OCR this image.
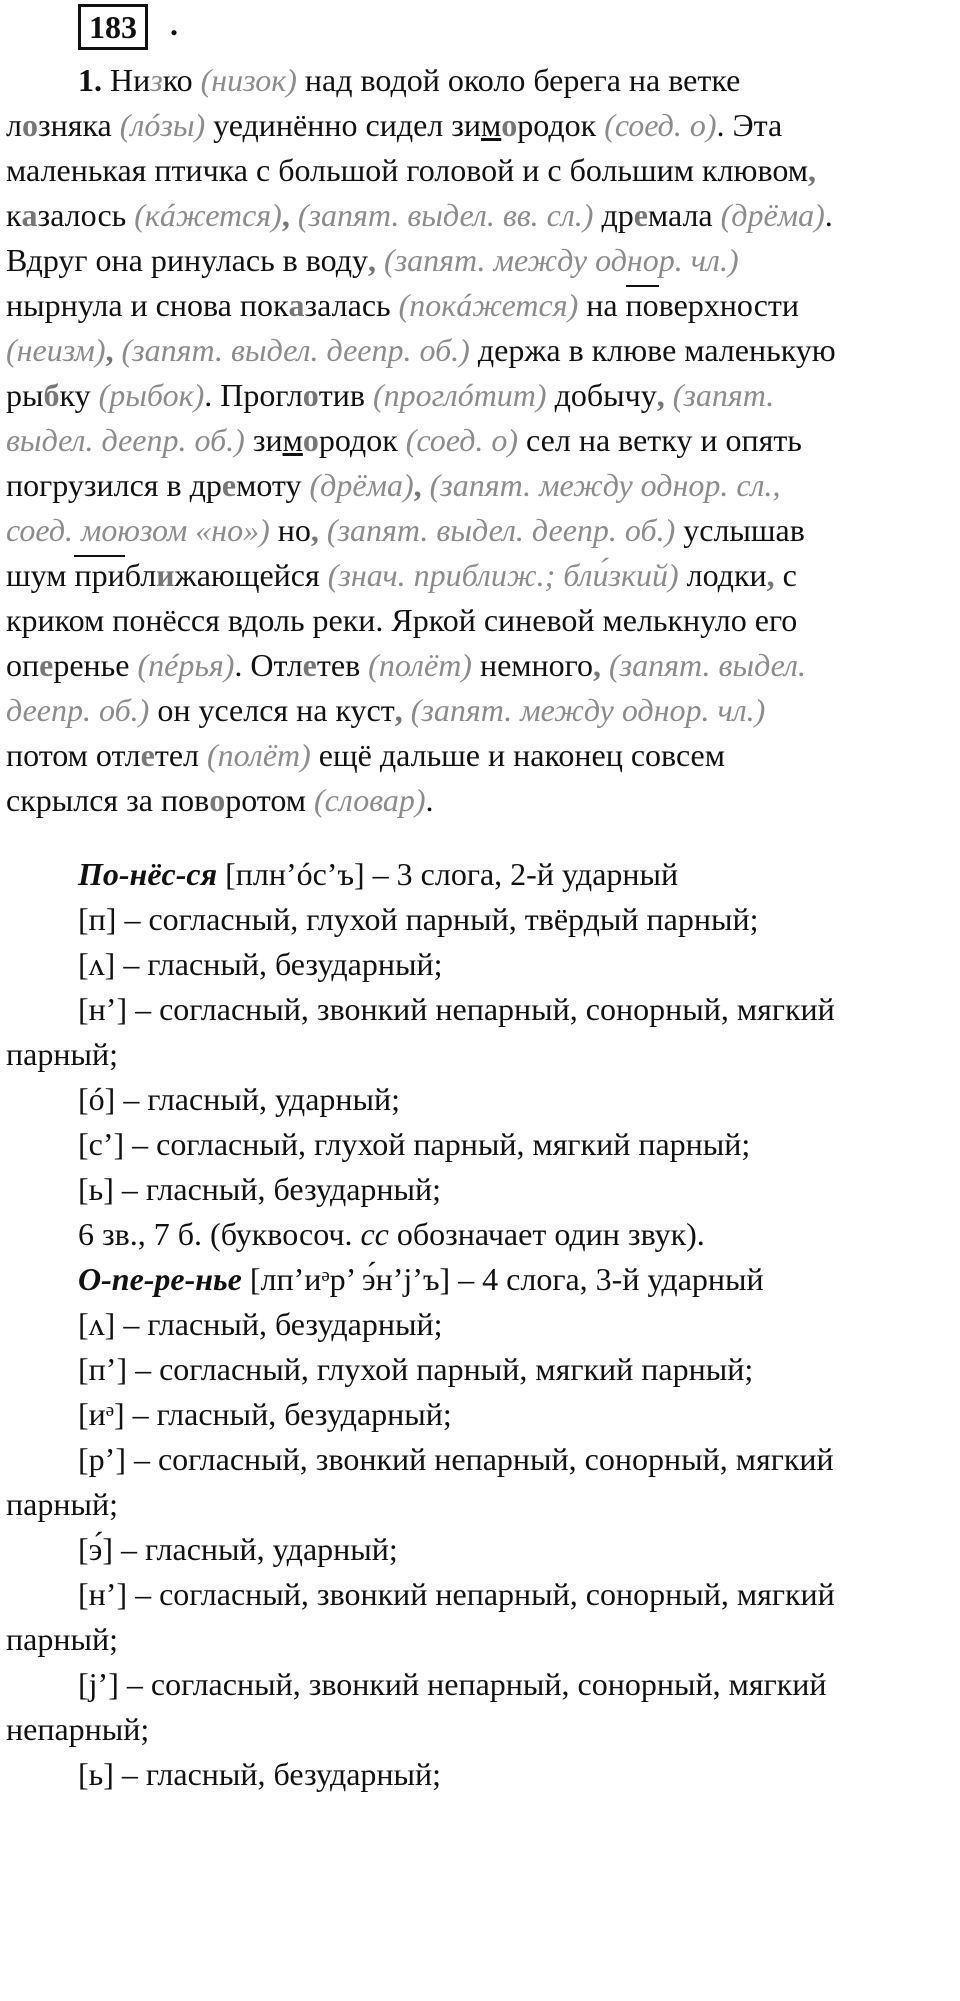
183	.
1. Низко (низок) над водой около берега на ветке
лозняка (лóзы) уединённо сидел зимородок (соед. о). Эта
маленькая птичка с большой головой и с большим клювом,
казалось (кáжется), (запят. выдел. вв. сл.) дремала (дрёма).
Вдруг она ринулась в воду, (запят. между однор. чл.)
нырнула и снова показалась (покáжется) на поверхности
(неизм), (запят. выдел. деепр. об.) держа в клюве маленькую
рыбку (рыбок). Проглотив (проглóтит) добычу, (запят.
выдел. деепр. об.) зимородок (соед. о) сел на ветку и опять
погрузился в дремоту (дрёма), (запят. между однор. сл.,
соед. моюзом «но») но, (запят. выдел. деепр. об.) услышав
шум приближающейся (знач. приближ.; бли́зкий) лодки, с
криком понёсся вдоль реки. Яркой синевой мелькнуло его
оперенье (пéрья). Отлетев (полёт) немного, (запят. выдел.
деепр. об.) он уселся на куст, (запят. между однор. чл.)
потом отлетел (полёт) ещё дальше и наконец совсем
скрылся за поворотом (словар).
По-нёс-ся [плн’óс’ъ] – 3 слога, 2-й ударный
[п] – согласный, глухой парный, твёрдый парный;
[ʌ] – гласный, безударный;
[н’] – согласный, звонкий непарный, сонорный, мягкий
парный;
[ó] – гласный, ударный;
[с’] – согласный, глухой парный, мягкий парный;
[ь] – гласный, безударный;
6 зв., 7 б. (буквосоч. сс обозначает один звук).
О-пе-ре-нье [лп’иᵊр’ э́н’j’ъ] – 4 слога, 3-й ударный
[ʌ] – гласный, безударный;
[п’] – согласный, глухой парный, мягкий парный;
[иᵊ] – гласный, безударный;
[р’] – согласный, звонкий непарный, сонорный, мягкий
парный;
[э́] – гласный, ударный;
[н’] – согласный, звонкий непарный, сонорный, мягкий
парный;
[j’] – согласный, звонкий непарный, сонорный, мягкий
непарный;
[ь] – гласный, безударный;
